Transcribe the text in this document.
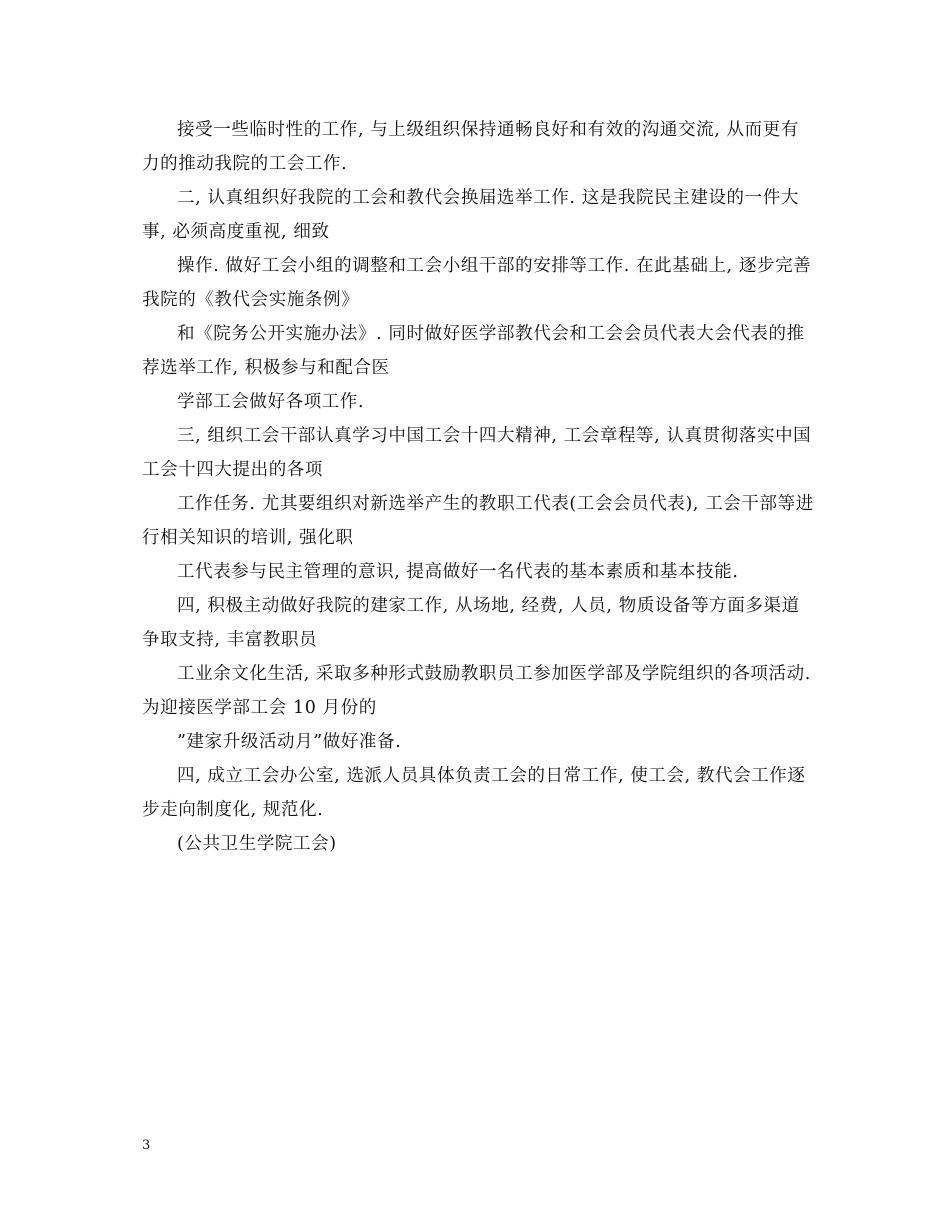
接受一些临时性的工作, 与上级组织保持通畅良好和有效的沟通交流, 从而更有力的推动我院的工会工作.

二, 认真组织好我院的工会和教代会换届选举工作. 这是我院民主建设的一件大事, 必须高度重视, 细致

操作. 做好工会小组的调整和工会小组干部的安排等工作. 在此基础上, 逐步完善我院的《教代会实施条例》

和《院务公开实施办法》. 同时做好医学部教代会和工会会员代表大会代表的推荐选举工作, 积极参与和配合医

学部工会做好各项工作.

三, 组织工会干部认真学习中国工会十四大精神, 工会章程等, 认真贯彻落实中国工会十四大提出的各项

工作任务. 尤其要组织对新选举产生的教职工代表(工会会员代表), 工会干部等进行相关知识的培训, 强化职

工代表参与民主管理的意识, 提高做好一名代表的基本素质和基本技能.

四, 积极主动做好我院的建家工作, 从场地, 经费, 人员, 物质设备等方面多渠道争取支持, 丰富教职员

工业余文化生活, 采取多种形式鼓励教职员工参加医学部及学院组织的各项活动. 为迎接医学部工会 10 月份的

”建家升级活动月”做好准备.

四, 成立工会办公室, 选派人员具体负责工会的日常工作, 使工会, 教代会工作逐步走向制度化, 规范化.

(公共卫生学院工会)

3
